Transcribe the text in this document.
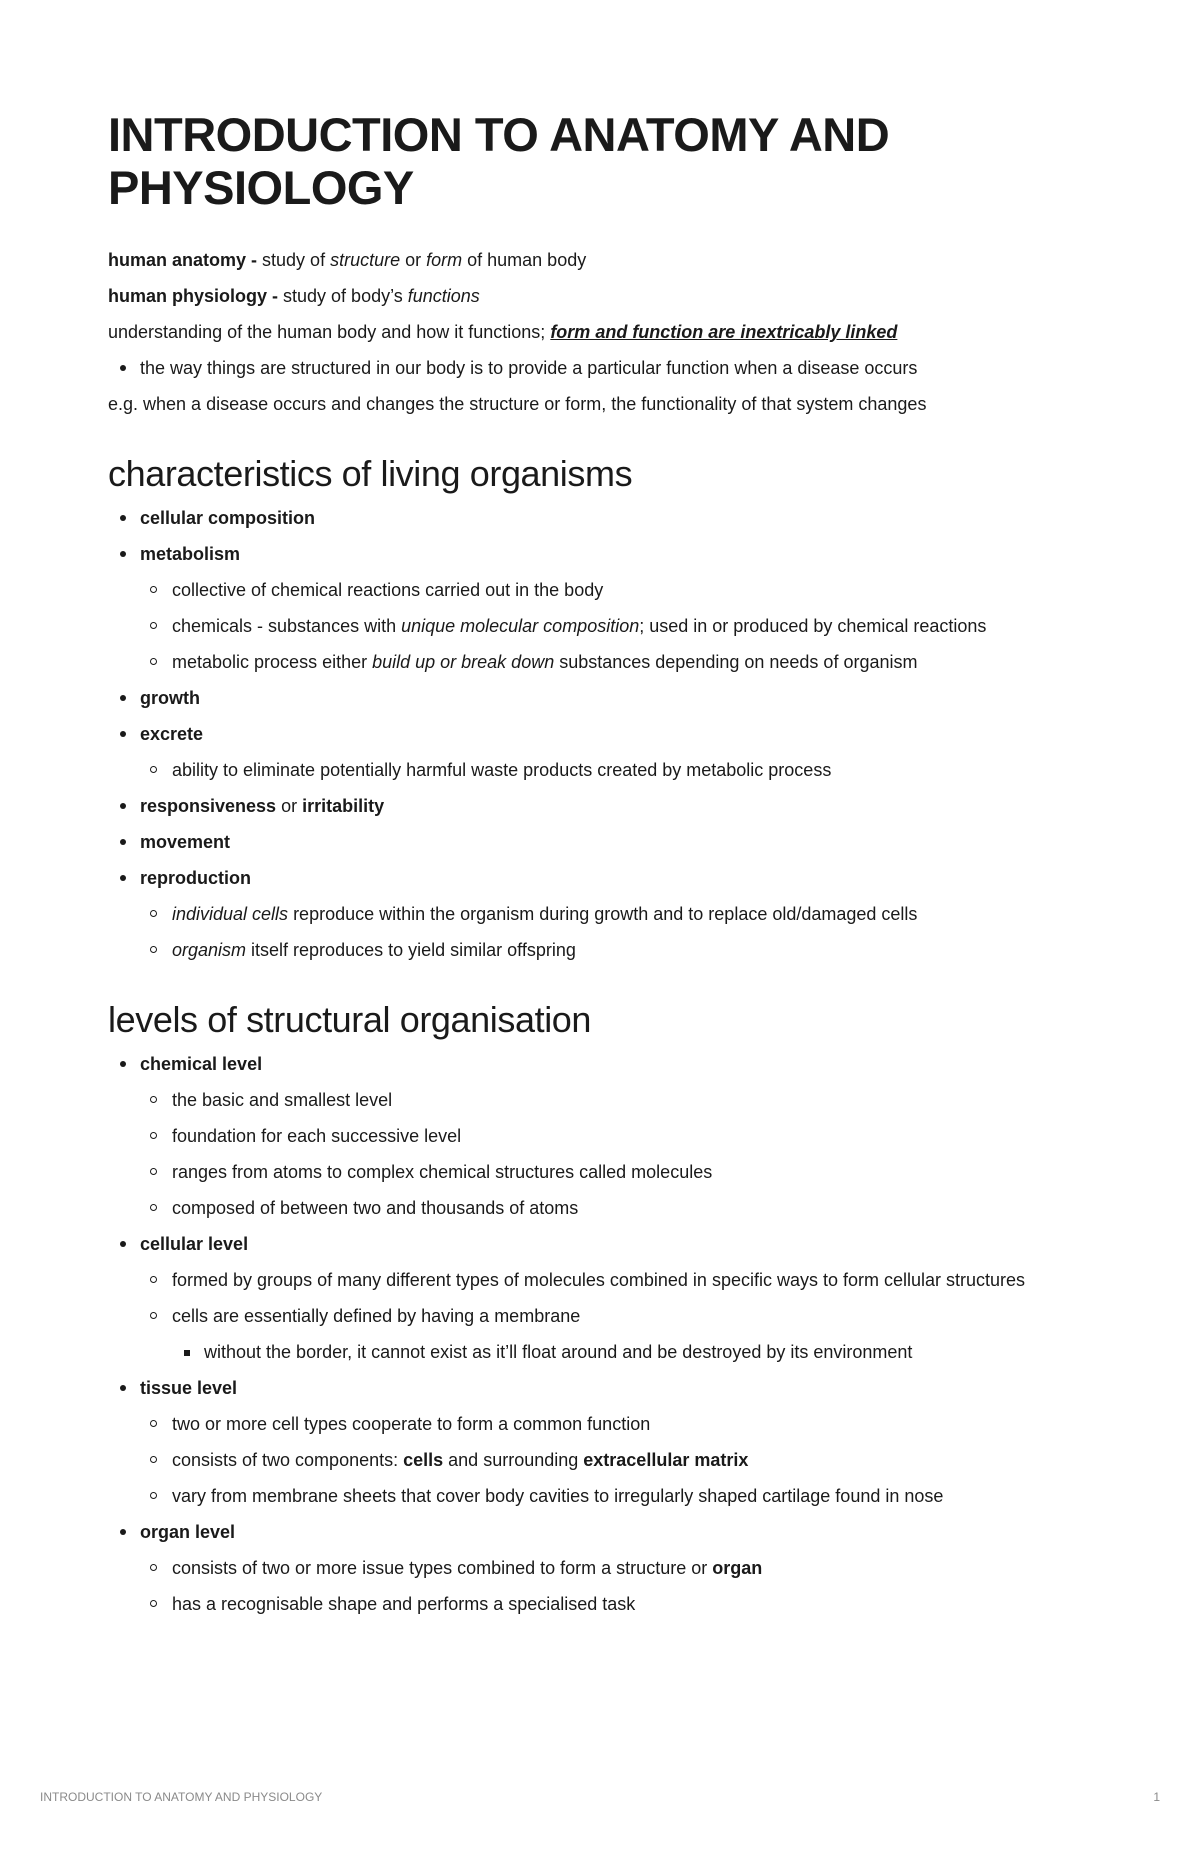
INTRODUCTION TO ANATOMY AND PHYSIOLOGY

human anatomy - study of structure or form of human body

human physiology - study of body’s functions

understanding of the human body and how it functions; form and function are inextricably linked

the way things are structured in our body is to provide a particular function when a disease occurs

e.g. when a disease occurs and changes the structure or form, the functionality of that system changes

characteristics of living organisms
cellular composition
metabolism
collective of chemical reactions carried out in the body
chemicals - substances with unique molecular composition; used in or produced by chemical reactions
metabolic process either build up or break down substances depending on needs of organism
growth
excrete
ability to eliminate potentially harmful waste products created by metabolic process
responsiveness or irritability
movement
reproduction
individual cells reproduce within the organism during growth and to replace old/damaged cells
organism itself reproduces to yield similar offspring
levels of structural organisation
chemical level
the basic and smallest level
foundation for each successive level
ranges from atoms to complex chemical structures called molecules
composed of between two and thousands of atoms
cellular level
formed by groups of many different types of molecules combined in specific ways to form cellular structures
cells are essentially defined by having a membrane
without the border, it cannot exist as it’ll float around and be destroyed by its environment
tissue level
two or more cell types cooperate to form a common function
consists of two components: cells and surrounding extracellular matrix
vary from membrane sheets that cover body cavities to irregularly shaped cartilage found in nose
organ level
consists of two or more issue types combined to form a structure or organ
has a recognisable shape and performs a specialised task
INTRODUCTION TO ANATOMY AND PHYSIOLOGY	1
